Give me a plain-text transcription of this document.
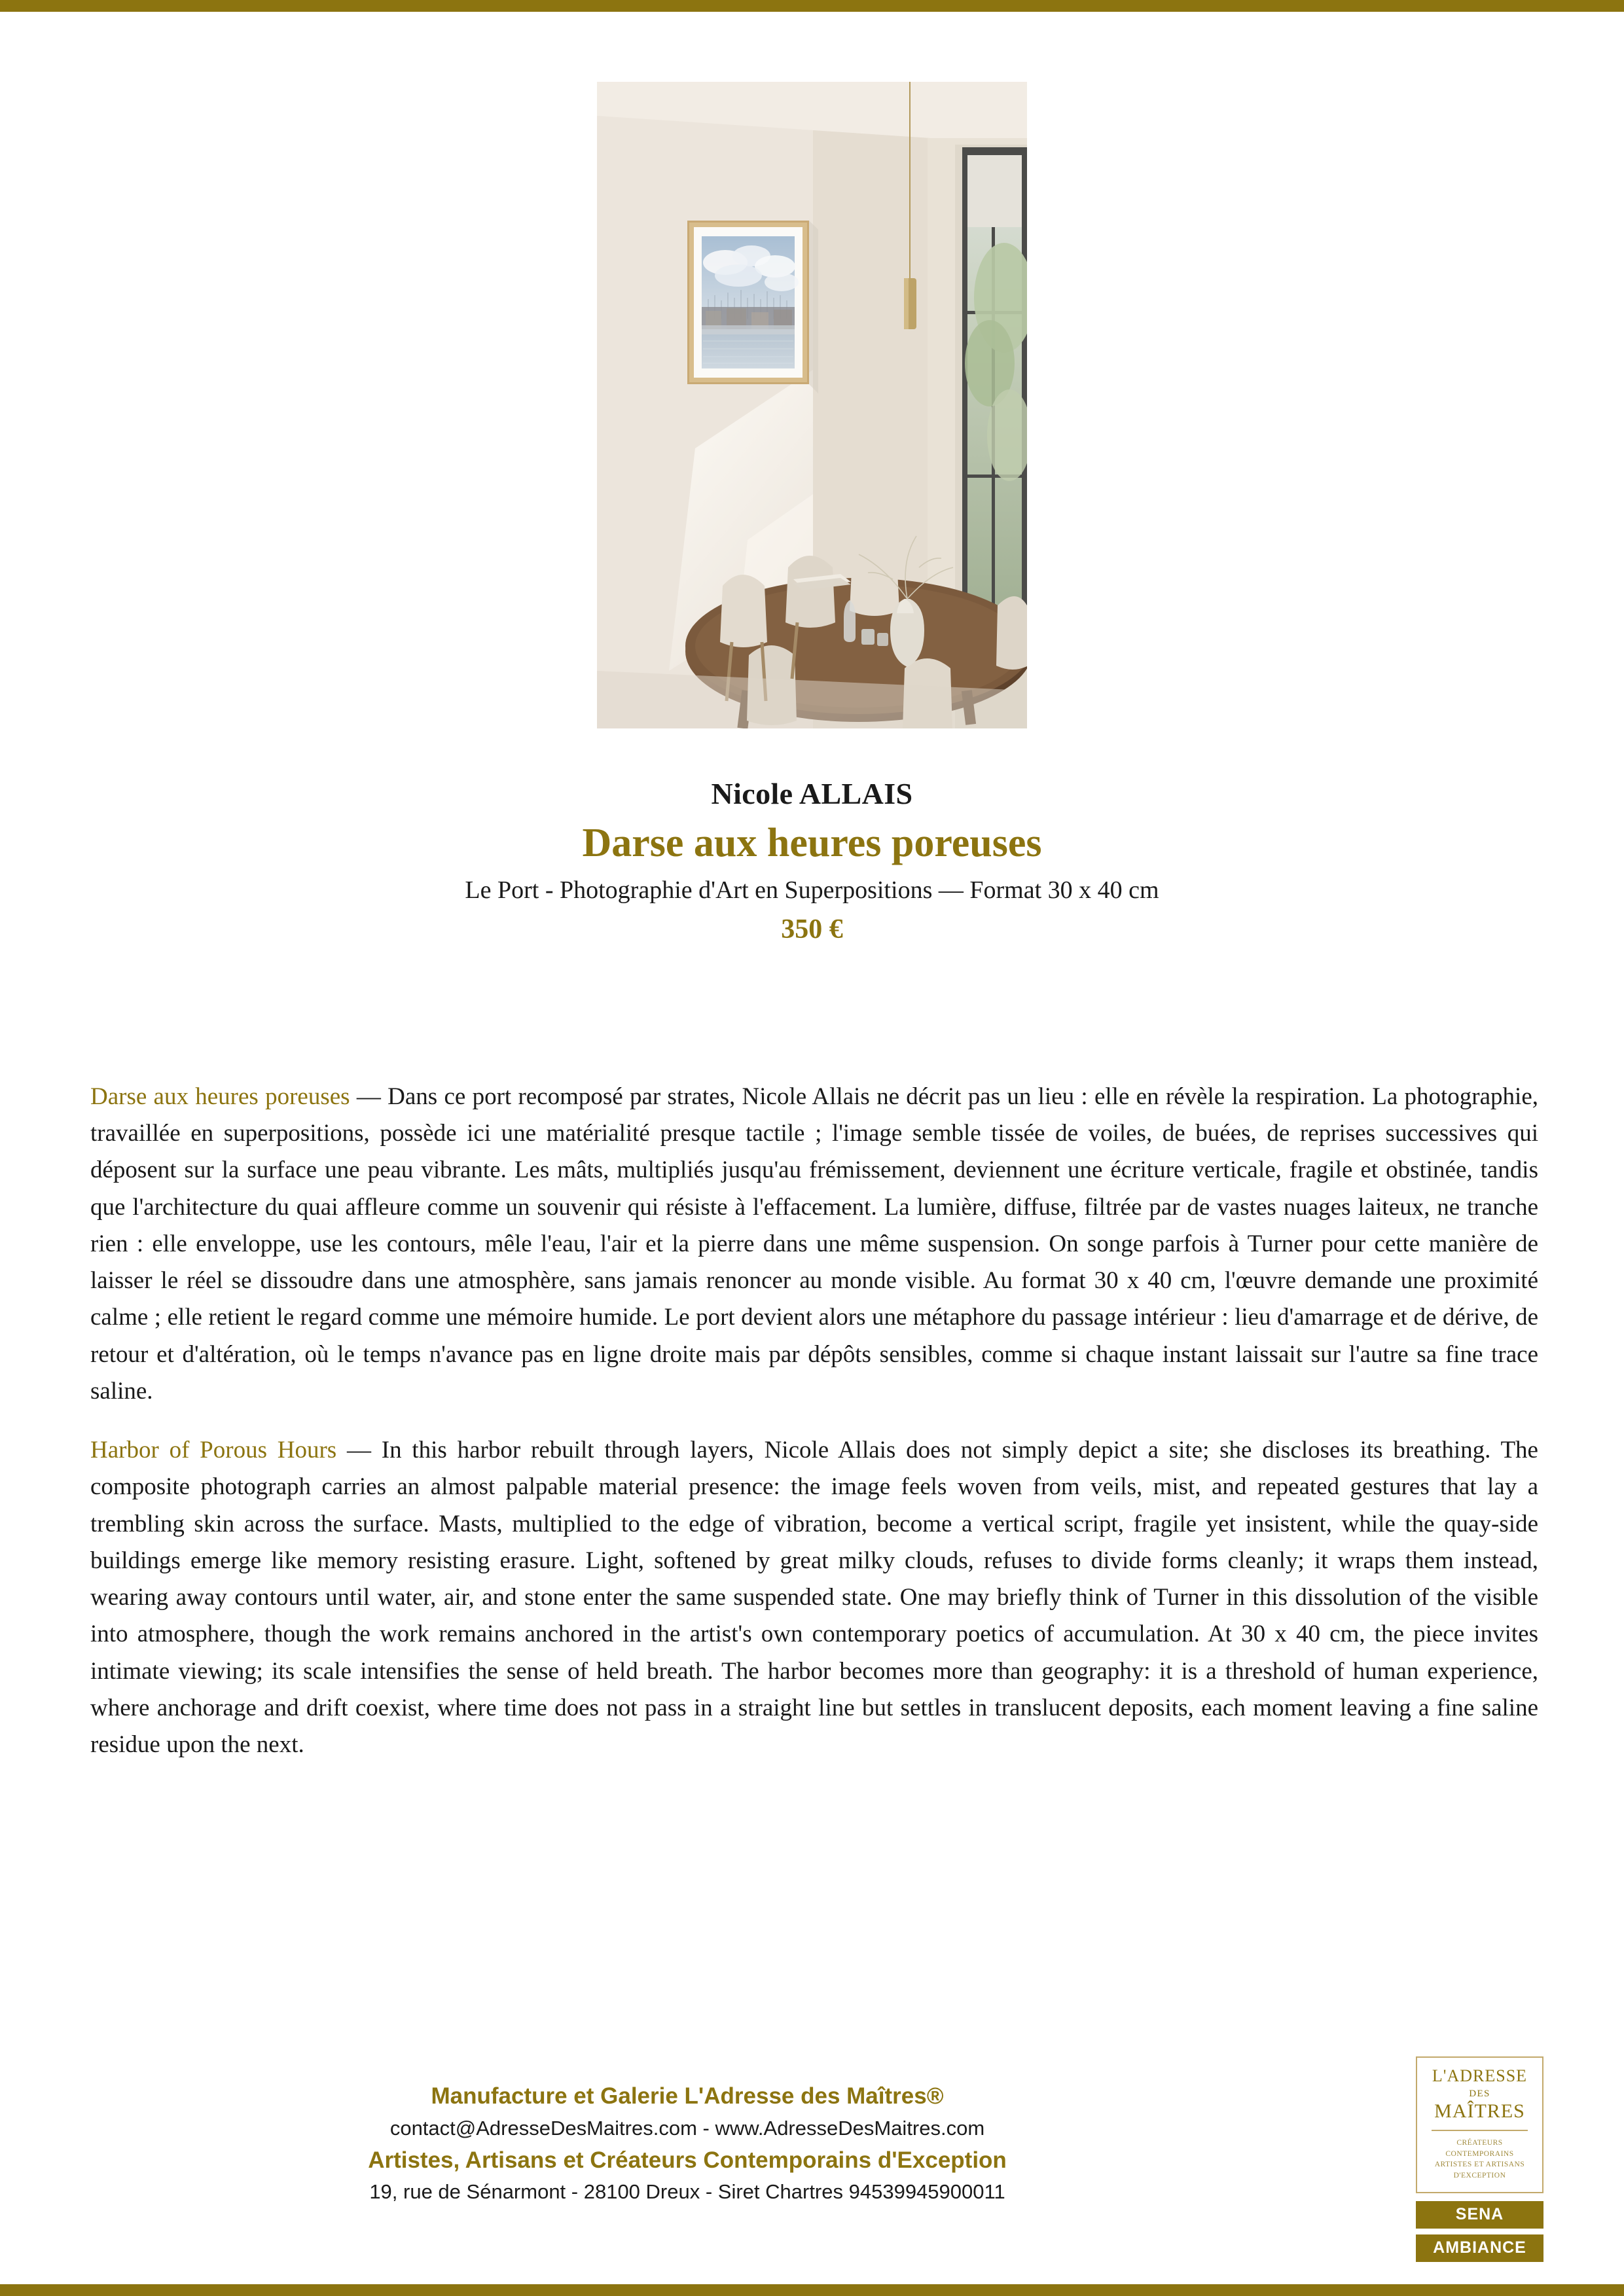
Nicole ALLAIS
Darse aux heures poreuses
Le Port - Photographie d'Art en Superpositions — Format 30 x 40 cm
350 €

Darse aux heures poreuses — Dans ce port recomposé par strates, Nicole Allais ne décrit pas un lieu : elle en révèle la respiration. La photographie, travaillée en superpositions, possède ici une matérialité presque tactile ; l'image semble tissée de voiles, de buées, de reprises successives qui déposent sur la surface une peau vibrante. Les mâts, multipliés jusqu'au frémissement, deviennent une écriture verticale, fragile et obstinée, tandis que l'architecture du quai affleure comme un souvenir qui résiste à l'effacement. La lumière, diffuse, filtrée par de vastes nuages laiteux, ne tranche rien : elle enveloppe, use les contours, mêle l'eau, l'air et la pierre dans une même suspension. On songe parfois à Turner pour cette manière de laisser le réel se dissoudre dans une atmosphère, sans jamais renoncer au monde visible. Au format 30 x 40 cm, l'œuvre demande une proximité calme ; elle retient le regard comme une mémoire humide. Le port devient alors une métaphore du passage intérieur : lieu d'amarrage et de dérive, de retour et d'altération, où le temps n'avance pas en ligne droite mais par dépôts sensibles, comme si chaque instant laissait sur l'autre sa fine trace saline.

Harbor of Porous Hours — In this harbor rebuilt through layers, Nicole Allais does not simply depict a site; she discloses its breathing. The composite photograph carries an almost palpable material presence: the image feels woven from veils, mist, and repeated gestures that lay a trembling skin across the surface. Masts, multiplied to the edge of vibration, become a vertical script, fragile yet insistent, while the quay-side buildings emerge like memory resisting erasure. Light, softened by great milky clouds, refuses to divide forms cleanly; it wraps them instead, wearing away contours until water, air, and stone enter the same suspended state. One may briefly think of Turner in this dissolution of the visible into atmosphere, though the work remains anchored in the artist's own contemporary poetics of accumulation. At 30 x 40 cm, the piece invites intimate viewing; its scale intensifies the sense of held breath. The harbor becomes more than geography: it is a threshold of human experience, where anchorage and drift coexist, where time does not pass in a straight line but settles in translucent deposits, each moment leaving a fine saline residue upon the next.

Manufacture et Galerie L'Adresse des Maîtres®

contact@AdresseDesMaitres.com - www.AdresseDesMaitres.com

Artistes, Artisans et Créateurs Contemporains d'Exception

19, rue de Sénarmont - 28100 Dreux - Siret Chartres 94539945900011

L'ADRESSE
DES
MAÎTRES
CRÉATEURS CONTEMPORAINS
ARTISTES ET ARTISANS
D'EXCEPTION
SENA
AMBIANCE
